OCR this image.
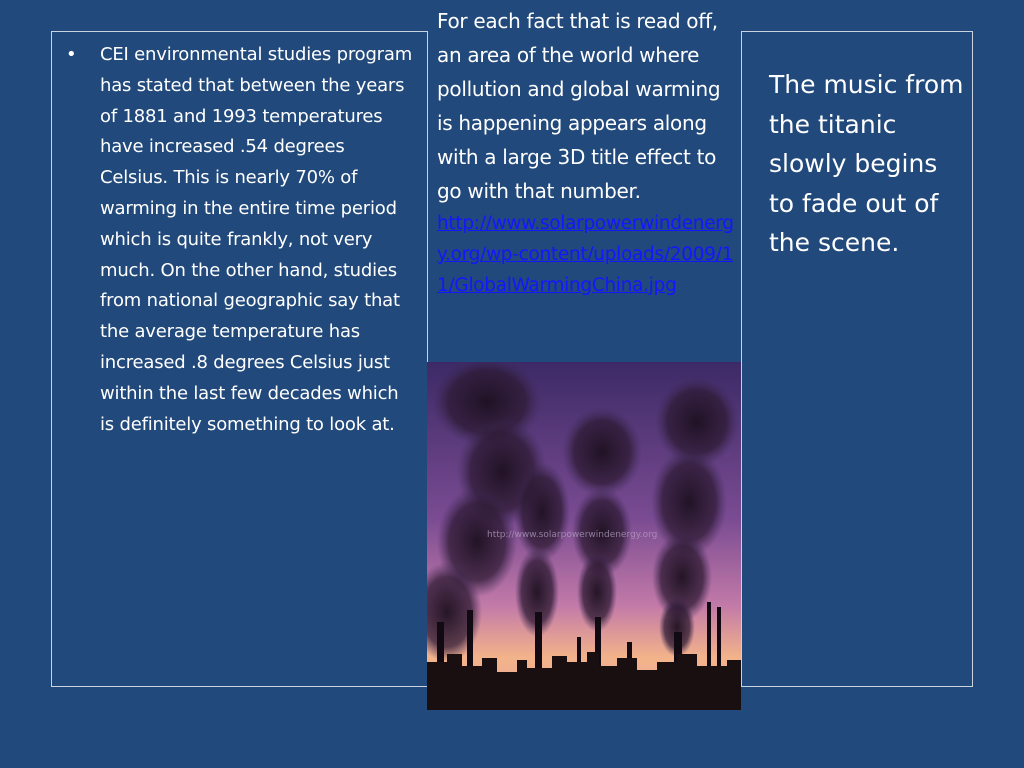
• CEI environmental studies program has stated that between the years of 1881 and 1993 temperatures have increased .54 degrees Celsius. This is nearly 70% of warming in the entire time period which is quite frankly, not very much. On the other hand, studies from national geographic say that the average temperature has increased .8 degrees Celsius just within the last few decades which is definitely something to look at.
For each fact that is read off, an area of the world where pollution and global warming is happening appears along with a large 3D title effect to go with that number.
http://www.solarpowerwindenergy.org/wp-content/uploads/2009/11/GlobalWarmingChina.jpg
The music from the titanic slowly begins to fade out of the scene.
http://www.solarpowerwindenergy.org
